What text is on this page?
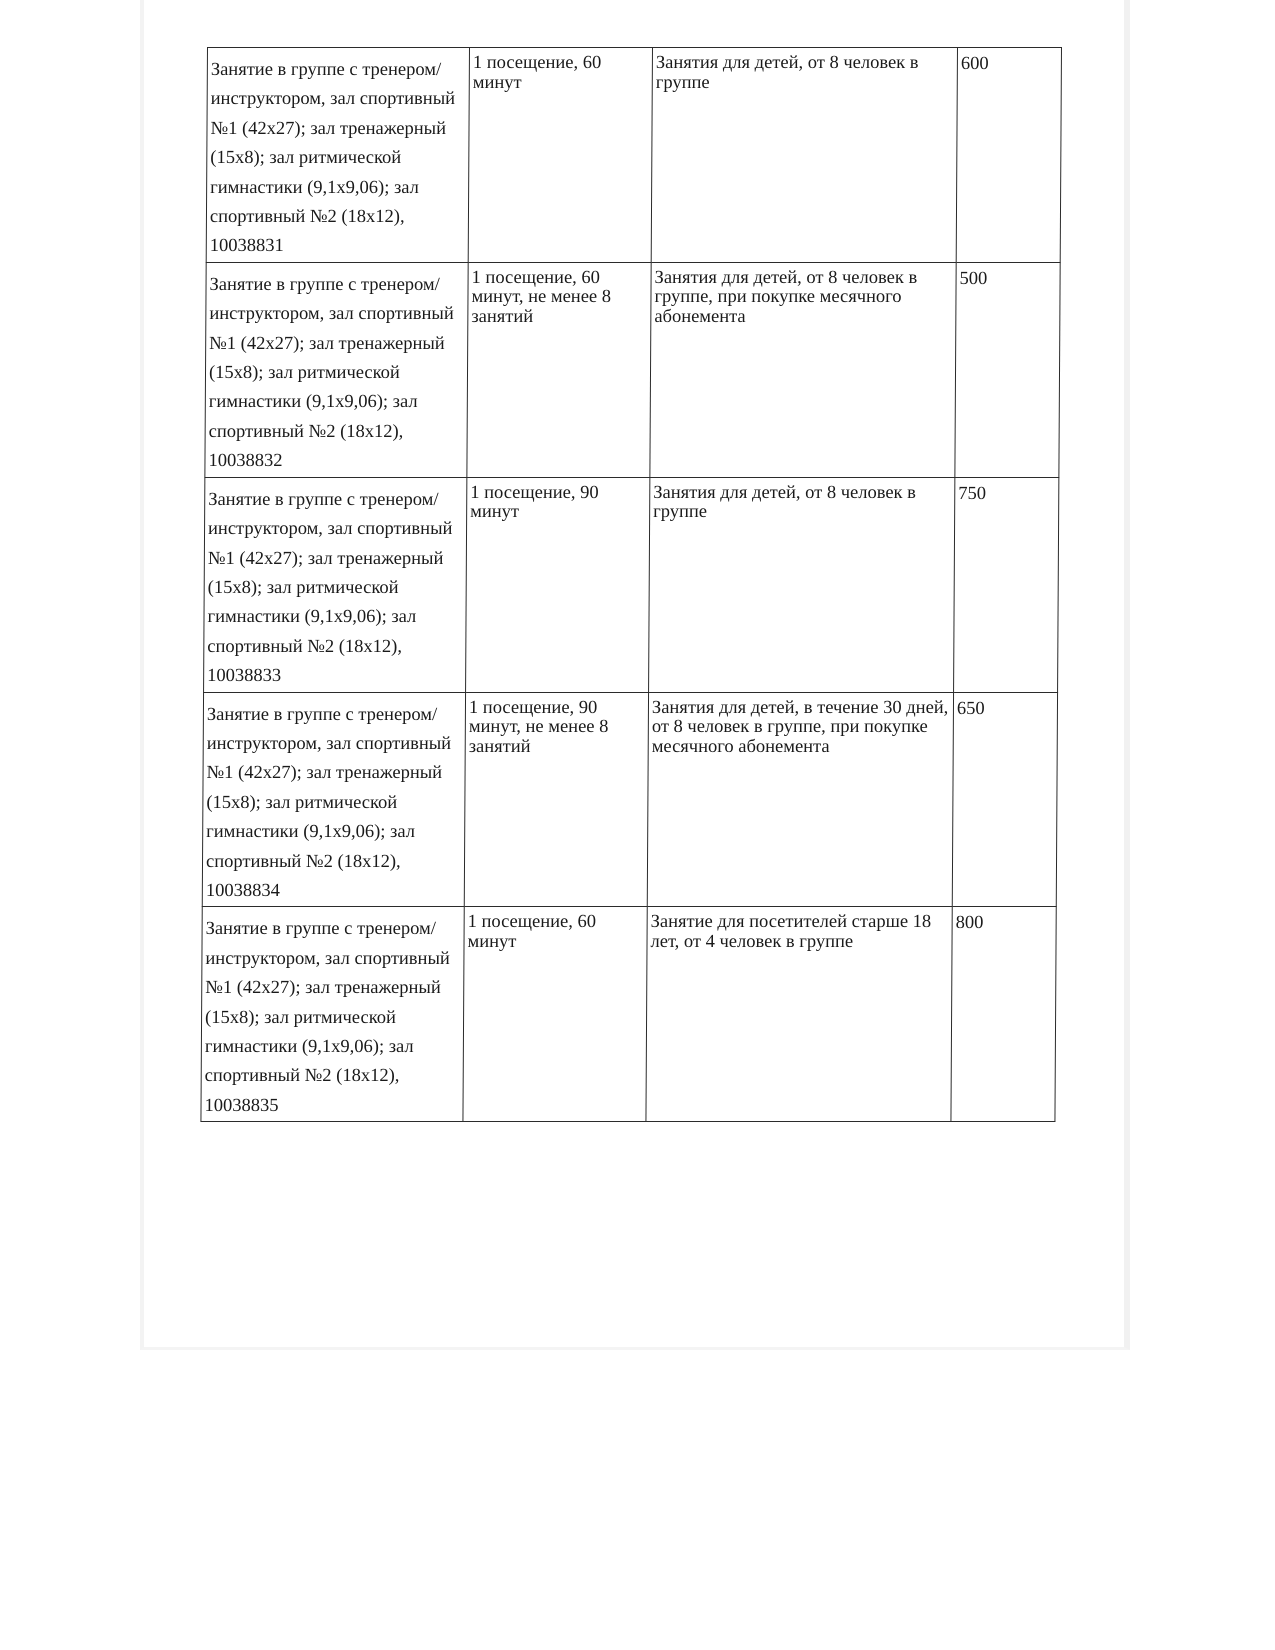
Занятие в группе с тренером/инструктором, зал спортивный №1 (42х27); зал тренажерный (15х8); зал ритмической гимнастики (9,1х9,06); зал спортивный №2 (18х12), 10038831	1 посещение, 60 минут	Занятия для детей, от 8 человек в группе	600

Занятие в группе с тренером/инструктором, зал спортивный №1 (42х27); зал тренажерный (15х8); зал ритмической гимнастики (9,1х9,06); зал спортивный №2 (18х12), 10038832	1 посещение, 60 минут, не менее 8 занятий	Занятия для детей, от 8 человек в группе, при покупке месячного абонемента	500

Занятие в группе с тренером/инструктором, зал спортивный №1 (42х27); зал тренажерный (15х8); зал ритмической гимнастики (9,1х9,06); зал спортивный №2 (18х12), 10038833	1 посещение, 90 минут	Занятия для детей, от 8 человек в группе	750

Занятие в группе с тренером/инструктором, зал спортивный №1 (42х27); зал тренажерный (15х8); зал ритмической гимнастики (9,1х9,06); зал спортивный №2 (18х12), 10038834	1 посещение, 90 минут, не менее 8 занятий	Занятия для детей, в течение 30 дней, от 8 человек в группе, при покупке месячного абонемента	650

Занятие в группе с тренером/инструктором, зал спортивный №1 (42х27); зал тренажерный (15х8); зал ритмической гимнастики (9,1х9,06); зал спортивный №2 (18х12), 10038835	1 посещение, 60 минут	Занятие для посетителей старше 18 лет, от 4 человек в группе	800
